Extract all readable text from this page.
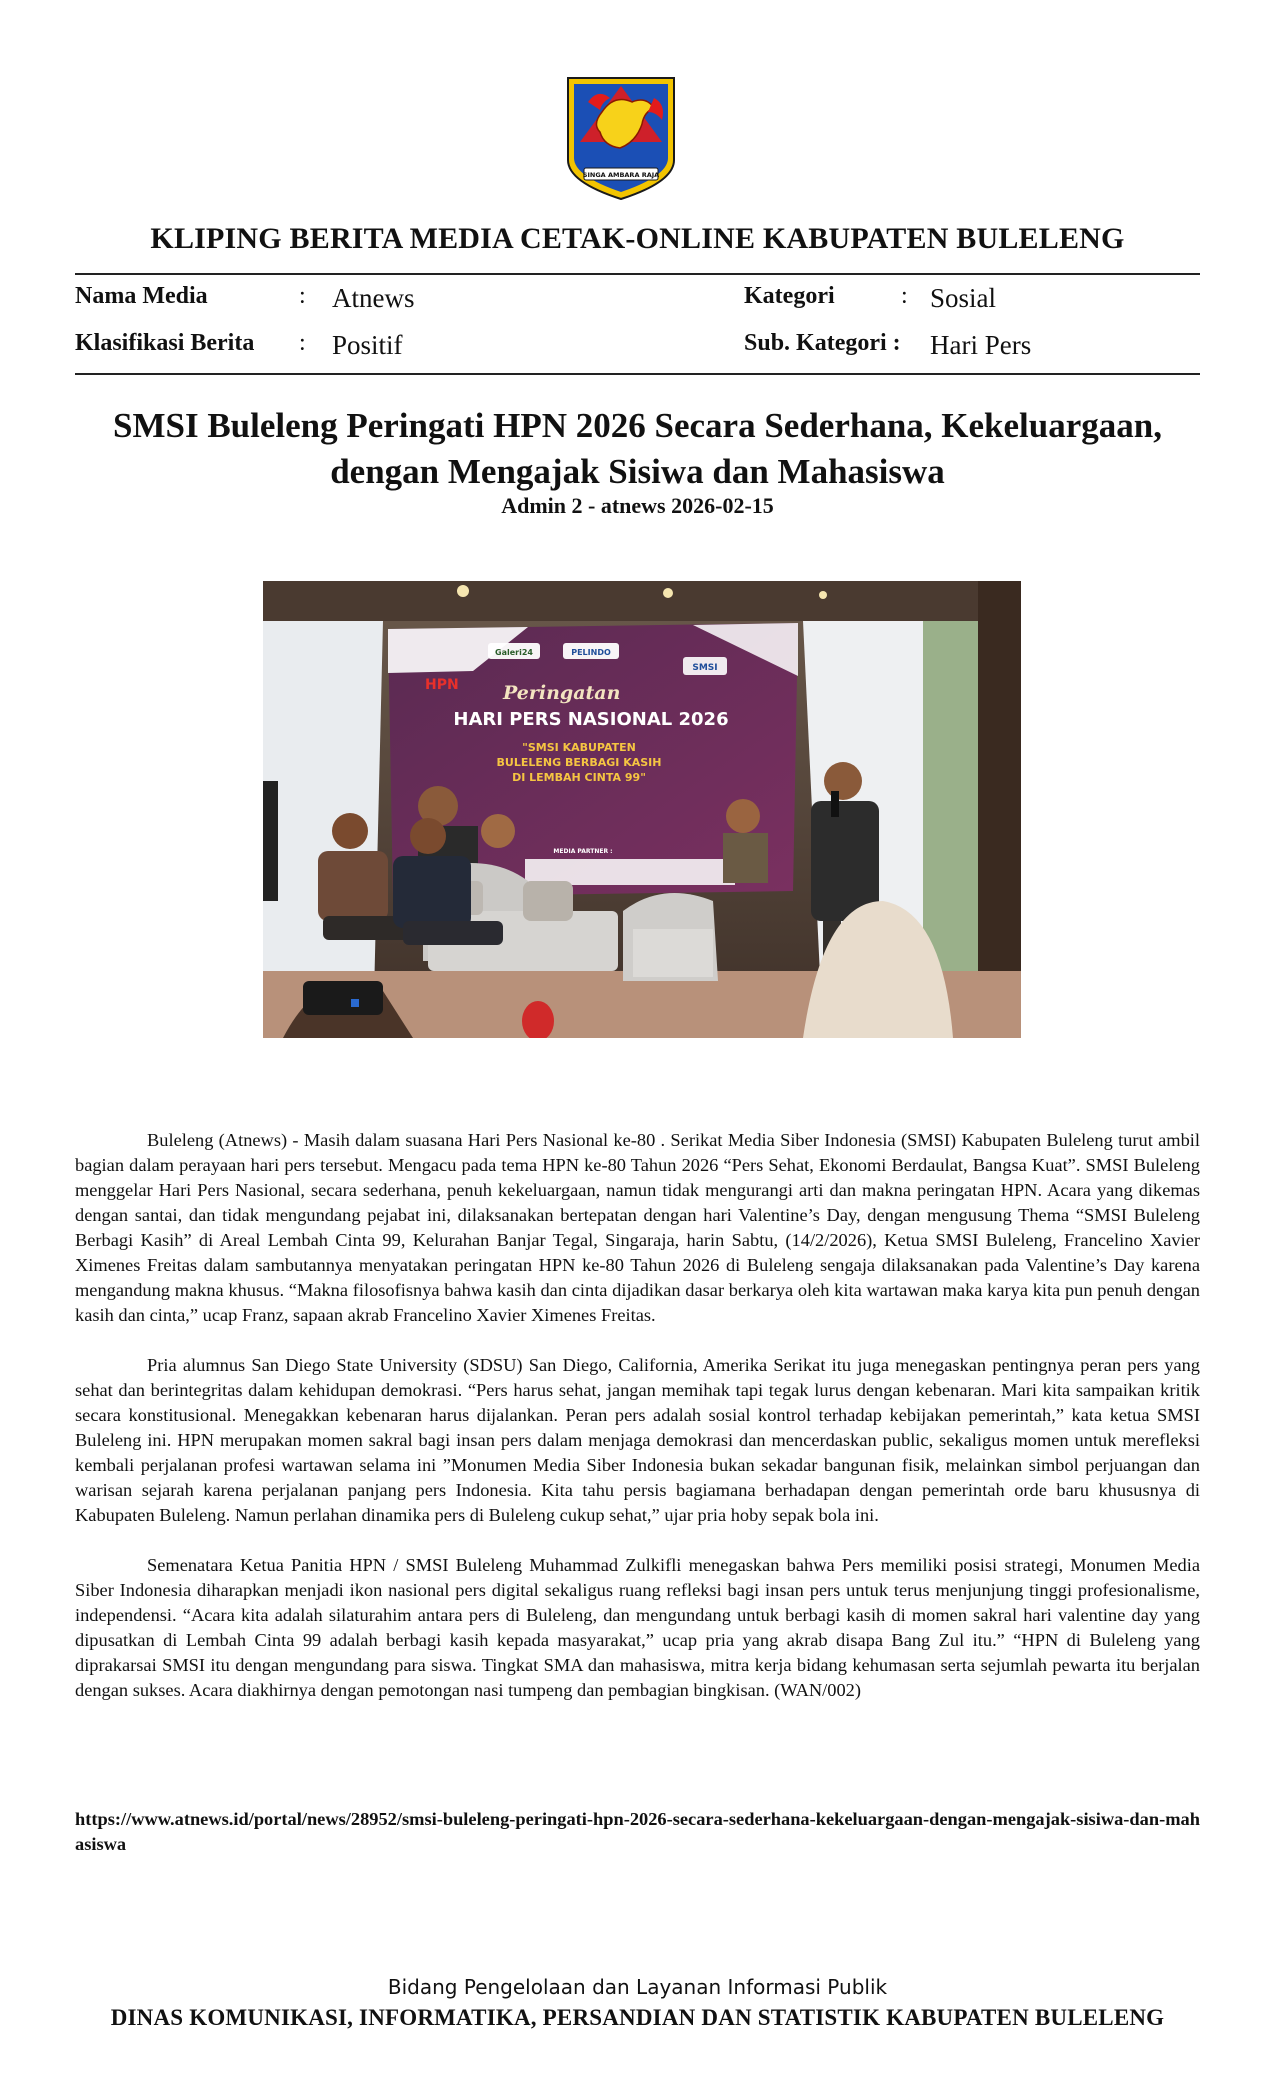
SINGA AMBARA RAJA
KLIPING BERITA MEDIA CETAK-ONLINE KABUPATEN BULELENG
Nama Media	: Atnews	Kategori	: Sosial
Klasifikasi Berita : Positif	Sub. Kategori : Hari Pers
SMSI Buleleng Peringati HPN 2026 Secara Sederhana, Kekeluargaan, dengan Mengajak Sisiwa dan Mahasiswa
Admin 2 - atnews 2026-02-15
Galeri24	PELINDO
SMSI
HPN Peringatan
HARI PERS NASIONAL 2026
"SMSI KABUPATEN
BULELENG BERBAGI KASIH
DI LEMBAH CINTA 99"
MEDIA PARTNER :

Buleleng (Atnews) - Masih dalam suasana Hari Pers Nasional ke-80 . Serikat Media Siber Indonesia (SMSI) Kabupaten Buleleng turut ambil bagian dalam perayaan hari pers tersebut. Mengacu pada tema HPN ke-80 Tahun 2026 “Pers Sehat, Ekonomi Berdaulat, Bangsa Kuat”. SMSI Buleleng menggelar Hari Pers Nasional, secara sederhana, penuh kekeluargaan, namun tidak mengurangi arti dan makna peringatan HPN. Acara yang dikemas dengan santai, dan tidak mengundang pejabat ini, dilaksanakan bertepatan dengan hari Valentine’s Day, dengan mengusung Thema “SMSI Buleleng Berbagi Kasih” di Areal Lembah Cinta 99, Kelurahan Banjar Tegal, Singaraja, harin Sabtu, (14/2/2026), Ketua SMSI Buleleng, Francelino Xavier Ximenes Freitas dalam sambutannya menyatakan peringatan HPN ke-80 Tahun 2026 di Buleleng sengaja dilaksanakan pada Valentine’s Day karena mengandung makna khusus. “Makna filosofisnya bahwa kasih dan cinta dijadikan dasar berkarya oleh kita wartawan maka karya kita pun penuh dengan kasih dan cinta,” ucap Franz, sapaan akrab Francelino Xavier Ximenes Freitas.

Pria alumnus San Diego State University (SDSU) San Diego, California, Amerika Serikat itu juga menegaskan pentingnya peran pers yang sehat dan berintegritas dalam kehidupan demokrasi. “Pers harus sehat, jangan memihak tapi tegak lurus dengan kebenaran. Mari kita sampaikan kritik secara konstitusional. Menegakkan kebenaran harus dijalankan. Peran pers adalah sosial kontrol terhadap kebijakan pemerintah,” kata ketua SMSI Buleleng ini. HPN merupakan momen sakral bagi insan pers dalam menjaga demokrasi dan mencerdaskan public, sekaligus momen untuk merefleksi kembali perjalanan profesi wartawan selama ini ”Monumen Media Siber Indonesia bukan sekadar bangunan fisik, melainkan simbol perjuangan dan warisan sejarah karena perjalanan panjang pers Indonesia. Kita tahu persis bagiamana berhadapan dengan pemerintah orde baru khususnya di Kabupaten Buleleng. Namun perlahan dinamika pers di Buleleng cukup sehat,” ujar pria hoby sepak bola ini.

Semenatara Ketua Panitia HPN / SMSI Buleleng Muhammad Zulkifli menegaskan bahwa Pers memiliki posisi strategi, Monumen Media Siber Indonesia diharapkan menjadi ikon nasional pers digital sekaligus ruang refleksi bagi insan pers untuk terus menjunjung tinggi profesionalisme, independensi. “Acara kita adalah silaturahim antara pers di Buleleng, dan mengundang untuk berbagi kasih di momen sakral hari valentine day yang dipusatkan di Lembah Cinta 99 adalah berbagi kasih kepada masyarakat,” ucap pria yang akrab disapa Bang Zul itu.” “HPN di Buleleng yang diprakarsai SMSI itu dengan mengundang para siswa. Tingkat SMA dan mahasiswa, mitra kerja bidang kehumasan serta sejumlah pewarta itu berjalan dengan sukses. Acara diakhirnya dengan pemotongan nasi tumpeng dan pembagian bingkisan. (WAN/002)

https://www.atnews.id/portal/news/28952/smsi-buleleng-peringati-hpn-2026-secara-sederhana-kekeluargaan-dengan-mengajak-sisiwa-dan-mahasiswa
Bidang Pengelolaan dan Layanan Informasi Publik
DINAS KOMUNIKASI, INFORMATIKA, PERSANDIAN DAN STATISTIK KABUPATEN BULELENG
